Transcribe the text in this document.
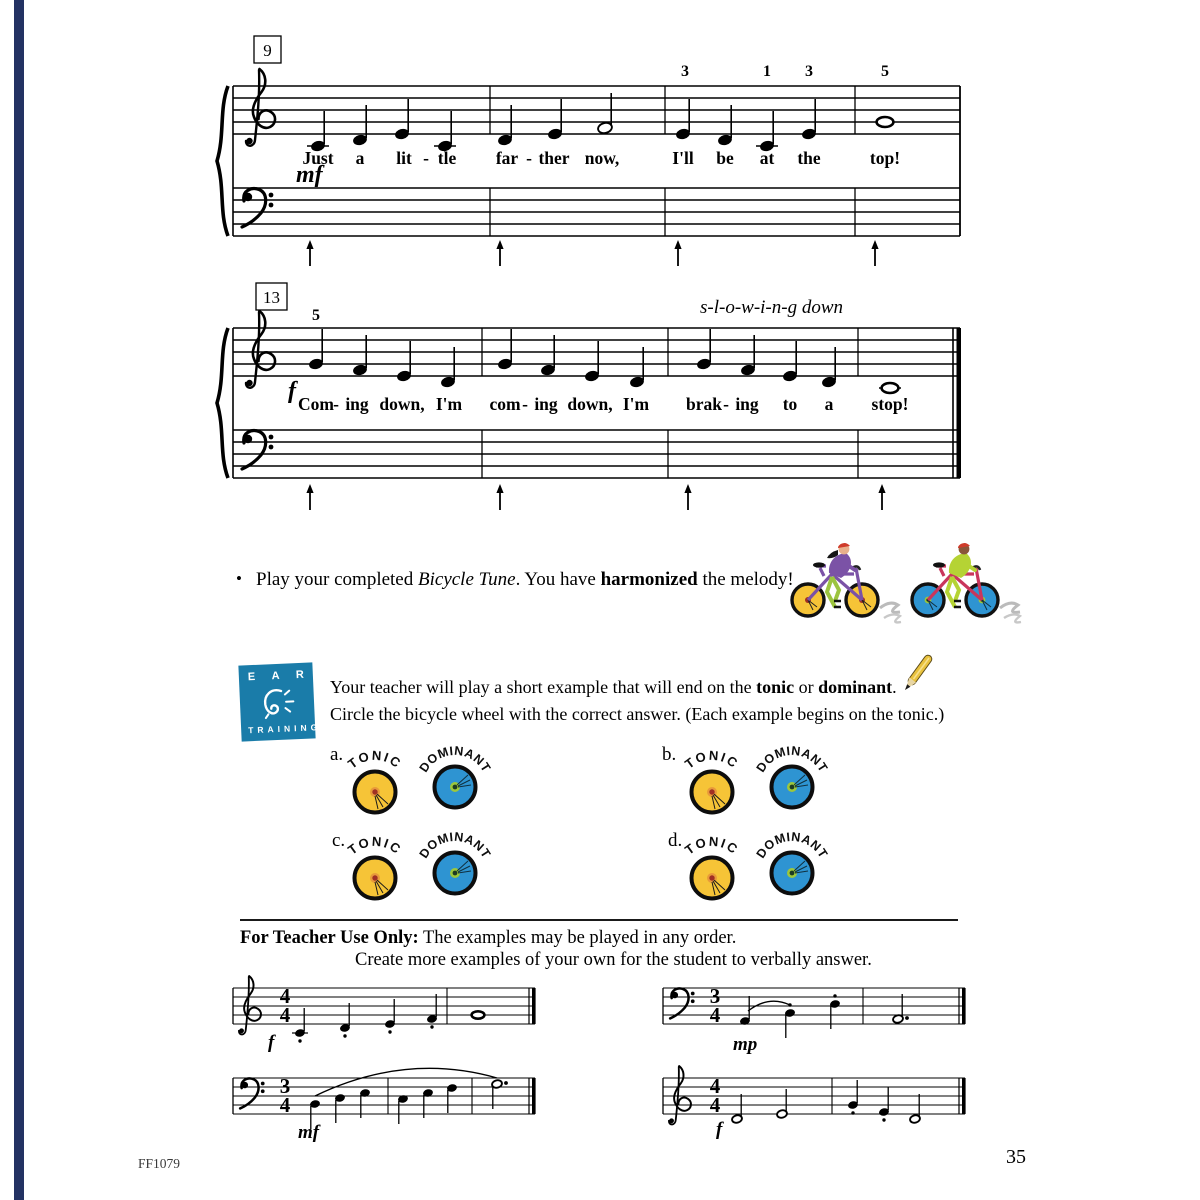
9
3	1 3	5
mf
Just a lit - tle far - ther now,	I'll be at the	top!
13
5	s-l-o-w-i-n-g down
f Com - ing down, I'm com - ing down, I'm brak - ing to a stop!
• Play your completed Bicycle Tune. You have harmonized the melody!
E A R
TRAINING
Your teacher will play a short example that will end on the tonic or dominant.
Circle the bicycle wheel with the correct answer. (Each example begins on the tonic.)
a. TONIC DOMINANT
b. TONIC DOMINANT
c. TONIC DOMINANT
d. TONIC DOMINANT
For Teacher Use Only: The examples may be played in any order.
Create more examples of your own for the student to verbally answer.
4
4
f
3
4
mp
3
4
mf
4
4
f
FF1079	35
